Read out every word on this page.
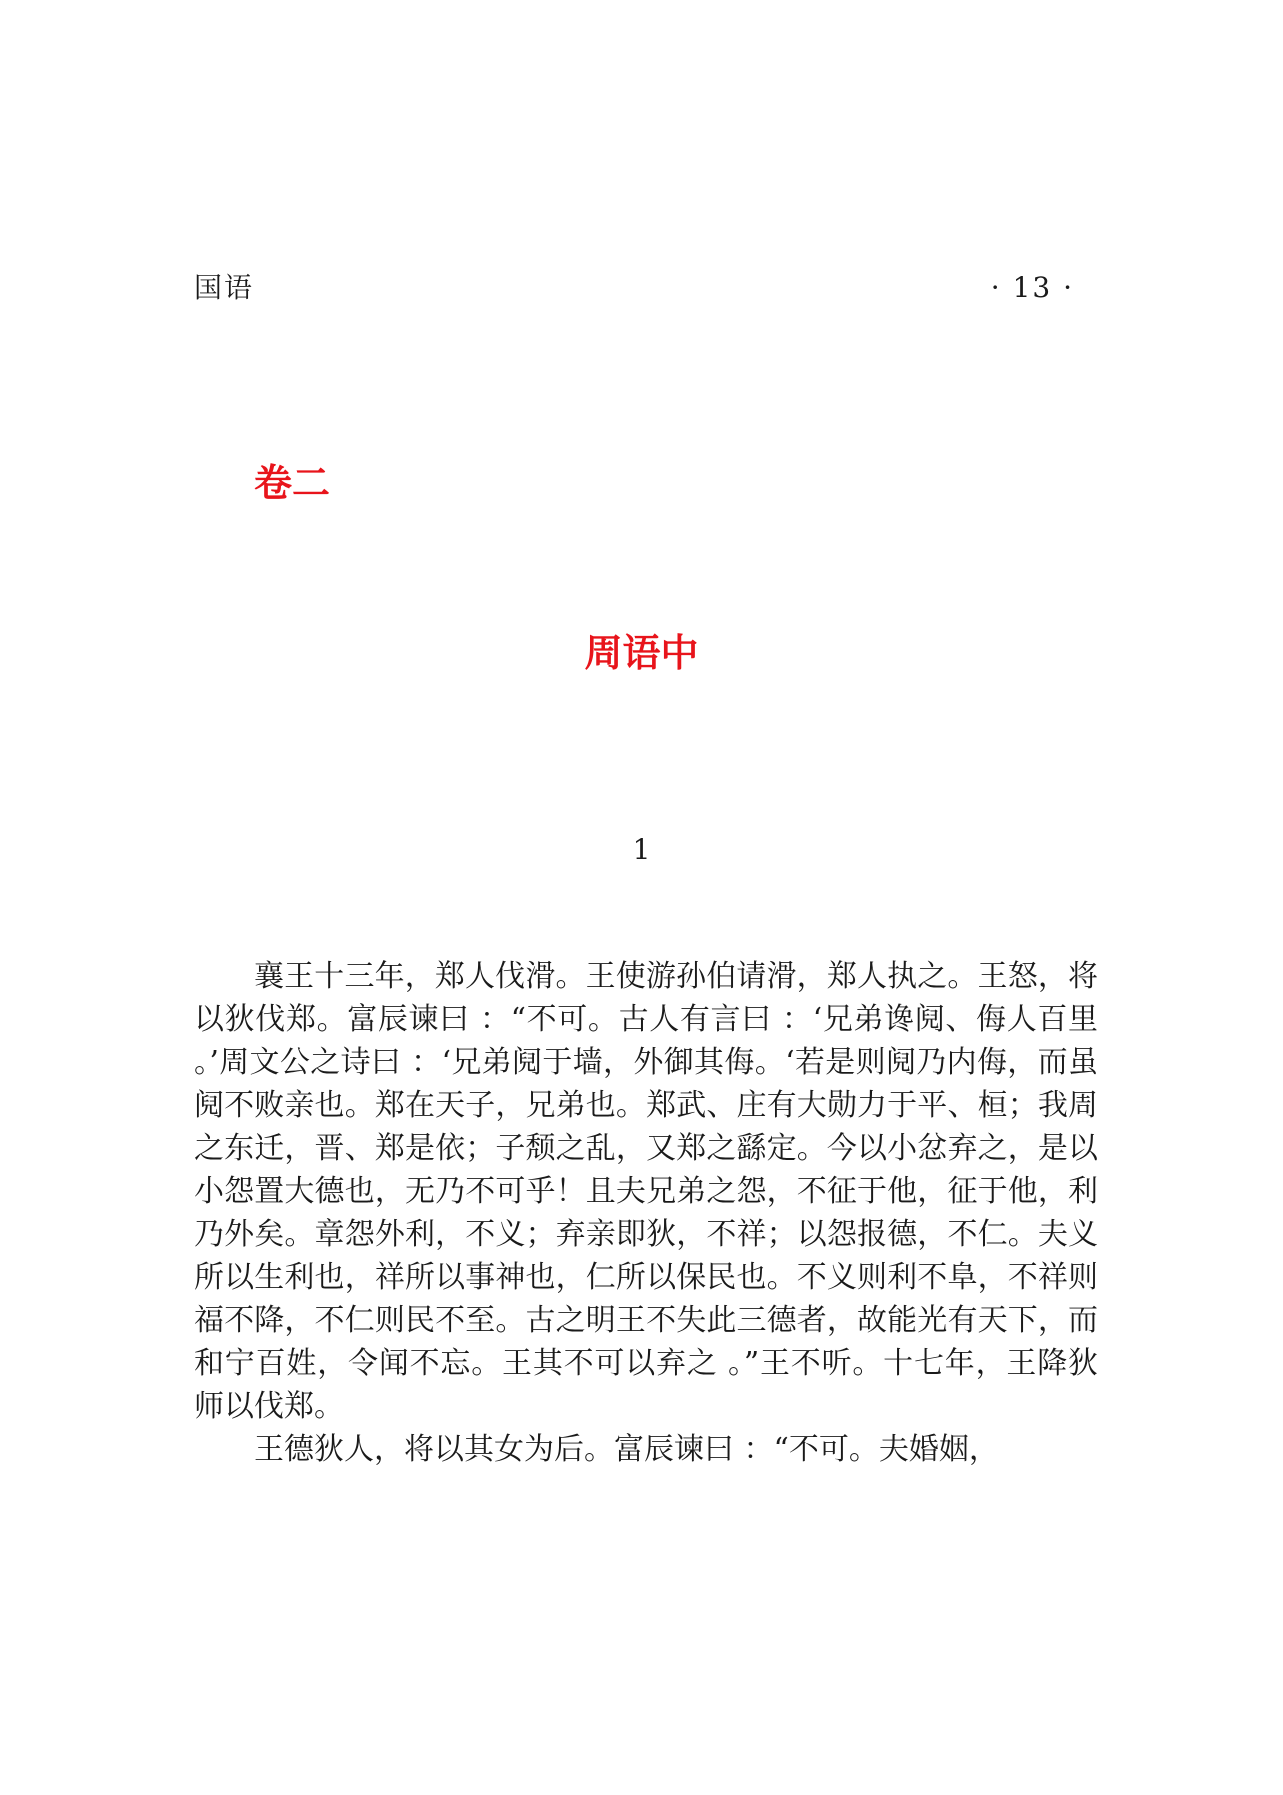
国语	· 13 ·
卷二
周语中
1

襄王十三年，郑人伐滑。王使游孙伯请滑，郑人执之。王怒，将以狄伐郑。富辰谏曰 ：“不可。古人有言曰 ：‘兄弟谗阋、侮人百里 。’周文公之诗曰 ：‘兄弟阋于墙，外御其侮。‘若是则阋乃内侮，而虽阋不败亲也。郑在天子，兄弟也。郑武、庄有大勋力于平、桓；我周之东迁，晋、郑是依；子颓之乱，又郑之繇定。今以小忿弃之，是以小怨置大德也，无乃不可乎！且夫兄弟之怨，不征于他，征于他，利乃外矣。章怨外利，不义；弃亲即狄，不祥；以怨报德，不仁。夫义所以生利也，祥所以事神也，仁所以保民也。不义则利不阜，不祥则福不降，不仁则民不至。古之明王不失此三德者，故能光有天下，而和宁百姓，令闻不忘。王其不可以弃之 。”王不听。十七年，王降狄师以伐郑。

王德狄人，将以其女为后。富辰谏曰 ：“不可。夫婚姻，
